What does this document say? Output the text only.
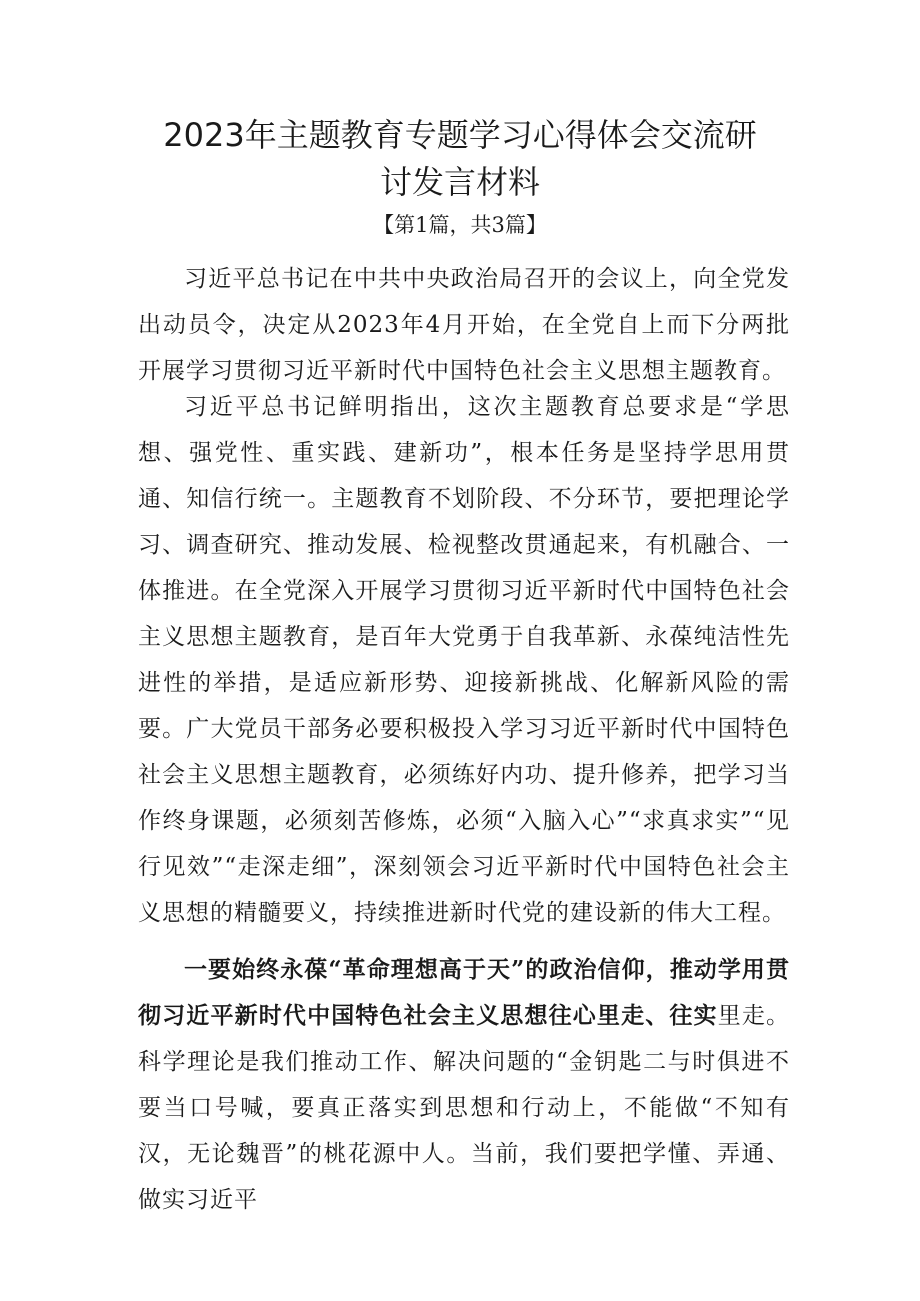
2023年主题教育专题学习心得体会交流研
讨发言材料
【第1篇，共3篇】

习近平总书记在中共中央政治局召开的会议上，向全党发出动员令，决定从2023年4月开始，在全党自上而下分两批开展学习贯彻习近平新时代中国特色社会主义思想主题教育。

习近平总书记鲜明指出，这次主题教育总要求是“学思想、强党性、重实践、建新功”，根本任务是坚持学思用贯通、知信行统一。主题教育不划阶段、不分环节，要把理论学习、调查研究、推动发展、检视整改贯通起来，有机融合、一体推进。在全党深入开展学习贯彻习近平新时代中国特色社会主义思想主题教育，是百年大党勇于自我革新、永葆纯洁性先进性的举措，是适应新形势、迎接新挑战、化解新风险的需要。广大党员干部务必要积极投入学习习近平新时代中国特色社会主义思想主题教育，必须练好内功、提升修养，把学习当作终身课题，必须刻苦修炼，必须“入脑入心”“求真求实”“见行见效”“走深走细”，深刻领会习近平新时代中国特色社会主义思想的精髓要义，持续推进新时代党的建设新的伟大工程。

一要始终永葆“革命理想高于天”的政治信仰，推动学用贯彻习近平新时代中国特色社会主义思想往心里走、往实里走。科学理论是我们推动工作、解决问题的“金钥匙二与时俱进不要当口号喊，要真正落实到思想和行动上，不能做“不知有汉，无论魏晋”的桃花源中人。当前，我们要把学懂、弄通、做实习近平
